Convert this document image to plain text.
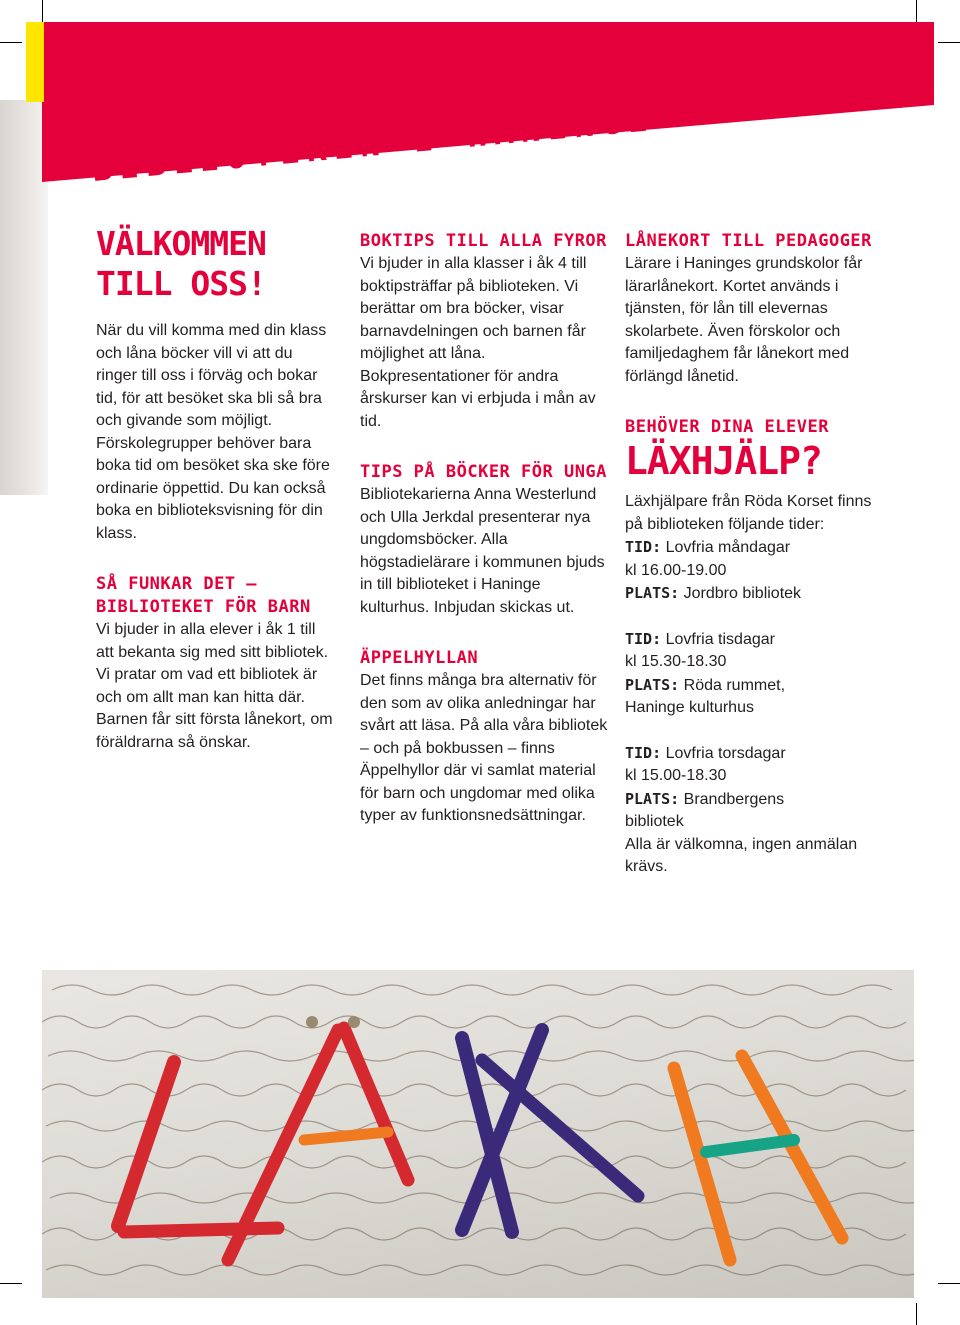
BIBLIOTEKEN I HANINGE
VÄLKOMMEN TILL OSS!

När du vill komma med din klass och låna böcker vill vi att du ringer till oss i förväg och bokar tid, för att besöket ska bli så bra och givande som möjligt. Förskolegrupper behöver bara boka tid om besöket ska ske före ordinarie öppettid. Du kan också boka en biblioteksvisning för din klass.

SÅ FUNKAR DET – BIBLIOTEKET FÖR BARN

Vi bjuder in alla elever i åk 1 till att bekanta sig med sitt bibliotek. Vi pratar om vad ett bibliotek är och om allt man kan hitta där. Barnen får sitt första lånekort, om föräldrarna så önskar.

BOKTIPS TILL ALLA FYROR

Vi bjuder in alla klasser i åk 4 till boktipsträffar på biblioteken. Vi berättar om bra böcker, visar barnavdelningen och barnen får möjlighet att låna. Bokpresentationer för andra årskurser kan vi erbjuda i mån av tid.

TIPS PÅ BÖCKER FÖR UNGA

Bibliotekarierna Anna Westerlund och Ulla Jerkdal presenterar nya ungdomsböcker. Alla högstadielärare i kommunen bjuds in till biblioteket i Haninge kulturhus. Inbjudan skickas ut.

ÄPPELHYLLAN

Det finns många bra alternativ för den som av olika anledningar har svårt att läsa. På alla våra bibliotek – och på bokbussen – finns Äppelhyllor där vi samlat material för barn och ungdomar med olika typer av funktionsnedsättningar.

LÅNEKORT TILL PEDAGOGER

Lärare i Haninges grundskolor får lärarlånekort. Kortet används i tjänsten, för lån till elevernas skolarbete. Även förskolor och familjedaghem får lånekort med förlängd lånetid.

BEHÖVER DINA ELEVER
LÄXHJÄLP?

Läxhjälpare från Röda Korset finns på biblioteken följande tider:

TID: Lovfria måndagar
kl 16.00-19.00
PLATS: Jordbro bibliotek
TID: Lovfria tisdagar
kl 15.30-18.30
PLATS: Röda rummet,
Haninge kulturhus
TID: Lovfria torsdagar
kl 15.00-18.30
PLATS: Brandbergens
bibliotek
Alla är välkomna, ingen anmälan krävs.
